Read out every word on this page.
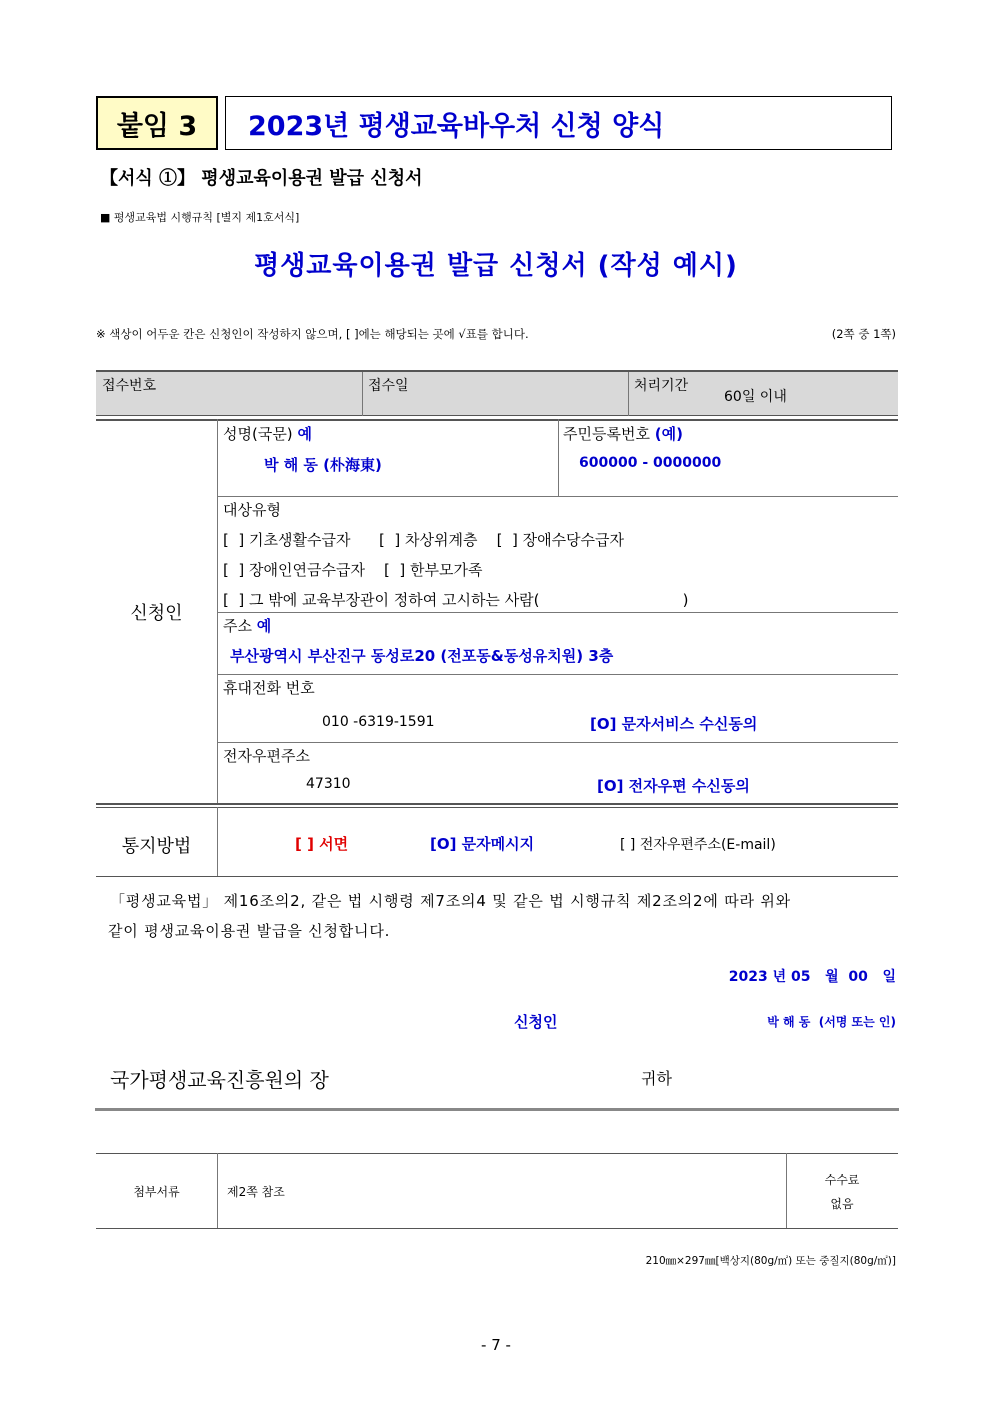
붙임 3	2023년 평생교육바우처 신청 양식
【서식 ①】 평생교육이용권 발급 신청서
■ 평생교육법 시행규칙 [별지 제1호서식]
평생교육이용권 발급 신청서 (작성 예시)
※ 색상이 어두운 칸은 신청인이 작성하지 않으며, [ ]에는 해당되는 곳에 √표를 합니다.	(2쪽 중 1쪽)
접수번호	접수일	처리기간
60일 이내
신청인
성명(국문) 예
박 해 동 (朴海東)
주민등록번호 (예)
600000 - 0000000
대상유형
[  ] 기초생활수급자      [  ] 차상위계층    [  ] 장애수당수급자
[  ] 장애인연금수급자    [  ] 한부모가족
[  ] 그 밖에 교육부장관이 정하여 고시하는 사람(                              )
주소 예
부산광역시 부산진구 동성로20 (전포동&동성유치원) 3층
휴대전화 번호
010 -6319-1591	[O] 문자서비스 수신동의
전자우편주소
47310	[O] 전자우편 수신동의
통지방법	[ ] 서면	[O] 문자메시지	[ ] 전자우편주소(E-mail)
「평생교육법」 제16조의2, 같은 법 시행령 제7조의4 및 같은 법 시행규칙 제2조의2에 따라 위와
같이 평생교육이용권 발급을 신청합니다.
2023 년 05   월  00   일
신청인	박 해 동  (서명 또는 인)
국가평생교육진흥원의 장	귀하
첨부서류	제2쪽 참조
수수료
없음
210㎜×297㎜[백상지(80g/㎡) 또는 중질지(80g/㎡)]
- 7 -
